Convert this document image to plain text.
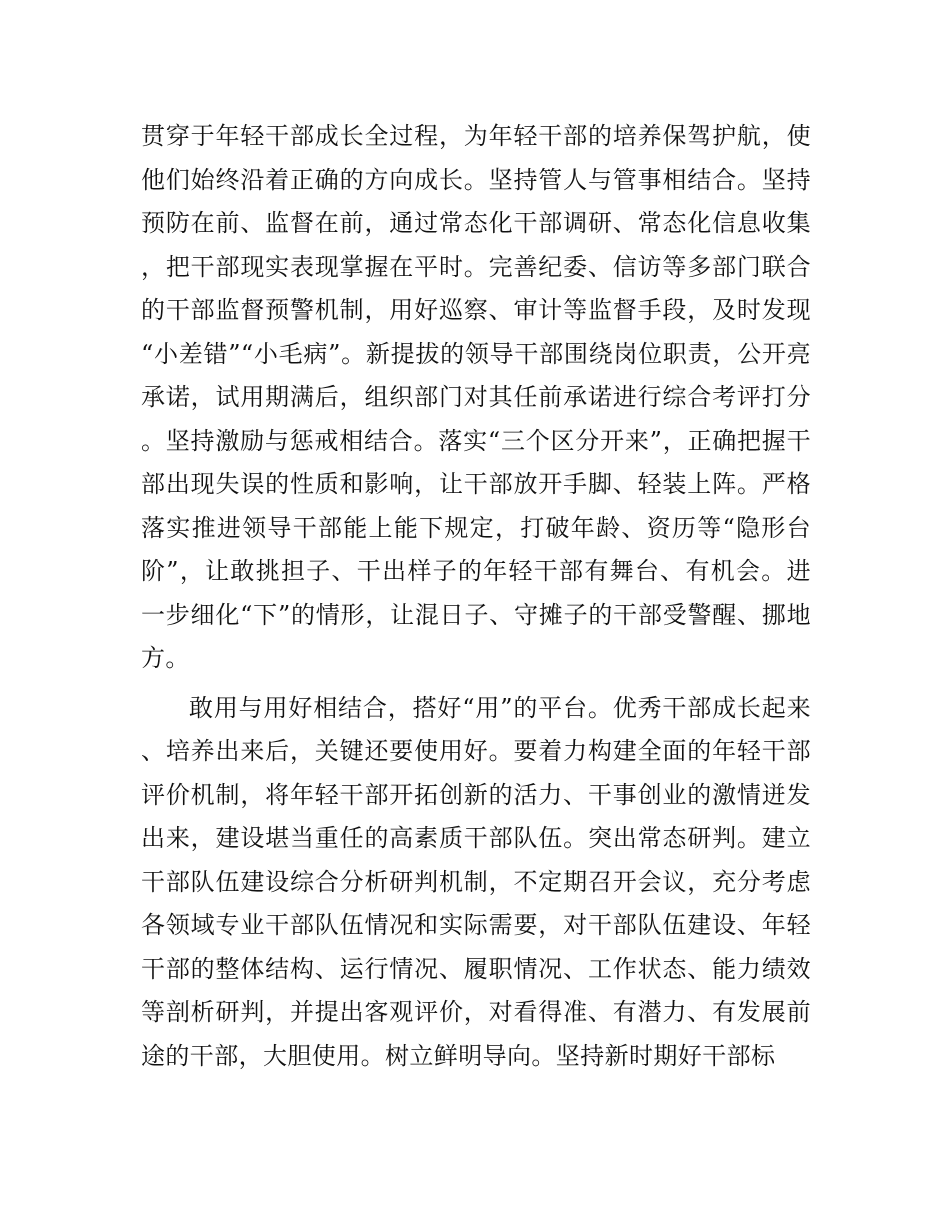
贯穿于年轻干部成长全过程，为年轻干部的培养保驾护航，使他们始终沿着正确的方向成长。坚持管人与管事相结合。坚持预防在前、监督在前，通过常态化干部调研、常态化信息收集，把干部现实表现掌握在平时。完善纪委、信访等多部门联合的干部监督预警机制，用好巡察、审计等监督手段，及时发现“小差错”“小毛病”。新提拔的领导干部围绕岗位职责，公开亮承诺，试用期满后，组织部门对其任前承诺进行综合考评打分。坚持激励与惩戒相结合。落实“三个区分开来”，正确把握干部出现失误的性质和影响，让干部放开手脚、轻装上阵。严格落实推进领导干部能上能下规定，打破年龄、资历等“隐形台阶”，让敢挑担子、干出样子的年轻干部有舞台、有机会。进一步细化“下”的情形，让混日子、守摊子的干部受警醒、挪地方。

敢用与用好相结合，搭好“用”的平台。优秀干部成长起来、培养出来后，关键还要使用好。要着力构建全面的年轻干部评价机制，将年轻干部开拓创新的活力、干事创业的激情迸发出来，建设堪当重任的高素质干部队伍。突出常态研判。建立干部队伍建设综合分析研判机制，不定期召开会议，充分考虑各领域专业干部队伍情况和实际需要，对干部队伍建设、年轻干部的整体结构、运行情况、履职情况、工作状态、能力绩效等剖析研判，并提出客观评价，对看得准、有潜力、有发展前途的干部，大胆使用。树立鲜明导向。坚持新时期好干部标
